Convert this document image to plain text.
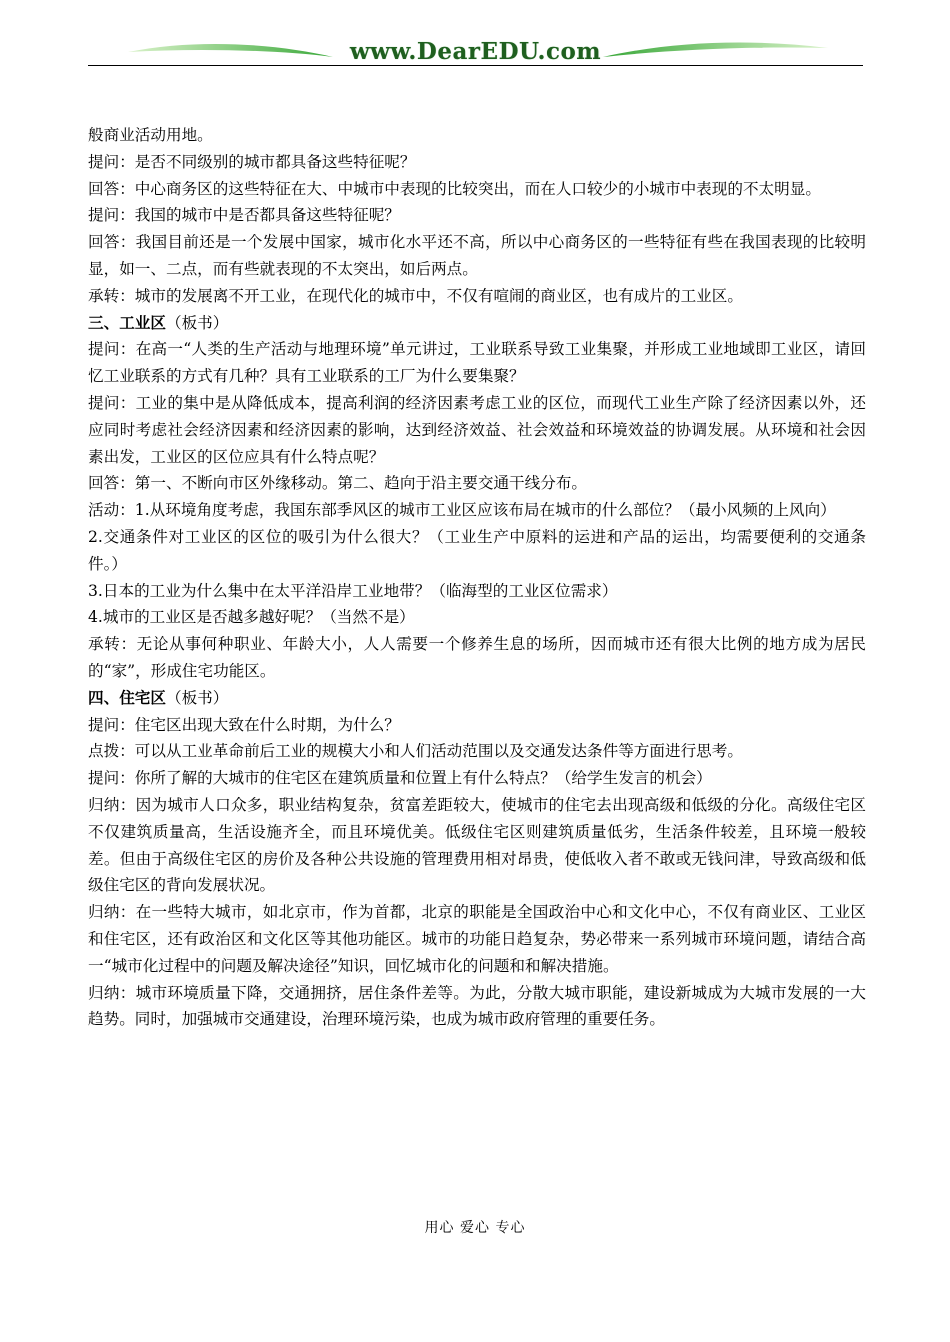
www.DearEDU.com

般商业活动用地。

提问：是否不同级别的城市都具备这些特征呢？

回答：中心商务区的这些特征在大、中城市中表现的比较突出，而在人口较少的小城市中表现的不太明显。

提问：我国的城市中是否都具备这些特征呢？

回答：我国目前还是一个发展中国家，城市化水平还不高，所以中心商务区的一些特征有些在我国表现的比较明显，如一、二点，而有些就表现的不太突出，如后两点。

承转：城市的发展离不开工业，在现代化的城市中，不仅有喧闹的商业区，也有成片的工业区。

三、工业区（板书）

提问：在高一“人类的生产活动与地理环境”单元讲过，工业联系导致工业集聚，并形成工业地域即工业区，请回忆工业联系的方式有几种？具有工业联系的工厂为什么要集聚？

提问：工业的集中是从降低成本，提高利润的经济因素考虑工业的区位，而现代工业生产除了经济因素以外，还应同时考虑社会经济因素和经济因素的影响，达到经济效益、社会效益和环境效益的协调发展。从环境和社会因素出发，工业区的区位应具有什么特点呢？

回答：第一、不断向市区外缘移动。第二、趋向于沿主要交通干线分布。

活动：1.从环境角度考虑，我国东部季风区的城市工业区应该布局在城市的什么部位？（最小风频的上风向）

2.交通条件对工业区的区位的吸引为什么很大？（工业生产中原料的运进和产品的运出，均需要便利的交通条件。）

3.日本的工业为什么集中在太平洋沿岸工业地带？（临海型的工业区位需求）

4.城市的工业区是否越多越好呢？（当然不是）

承转：无论从事何种职业、年龄大小，人人需要一个修养生息的场所，因而城市还有很大比例的地方成为居民的“家”，形成住宅功能区。

四、住宅区（板书）

提问：住宅区出现大致在什么时期，为什么？

点拨：可以从工业革命前后工业的规模大小和人们活动范围以及交通发达条件等方面进行思考。

提问：你所了解的大城市的住宅区在建筑质量和位置上有什么特点？（给学生发言的机会）

归纳：因为城市人口众多，职业结构复杂，贫富差距较大，使城市的住宅去出现高级和低级的分化。高级住宅区不仅建筑质量高，生活设施齐全，而且环境优美。低级住宅区则建筑质量低劣，生活条件较差，且环境一般较差。但由于高级住宅区的房价及各种公共设施的管理费用相对昂贵，使低收入者不敢或无钱问津，导致高级和低级住宅区的背向发展状况。

归纳：在一些特大城市，如北京市，作为首都，北京的职能是全国政治中心和文化中心，不仅有商业区、工业区和住宅区，还有政治区和文化区等其他功能区。城市的功能日趋复杂，势必带来一系列城市环境问题，请结合高一“城市化过程中的问题及解决途径”知识，回忆城市化的问题和和解决措施。

归纳：城市环境质量下降，交通拥挤，居住条件差等。为此，分散大城市职能，建设新城成为大城市发展的一大趋势。同时，加强城市交通建设，治理环境污染，也成为城市政府管理的重要任务。

用心 爱心 专心
